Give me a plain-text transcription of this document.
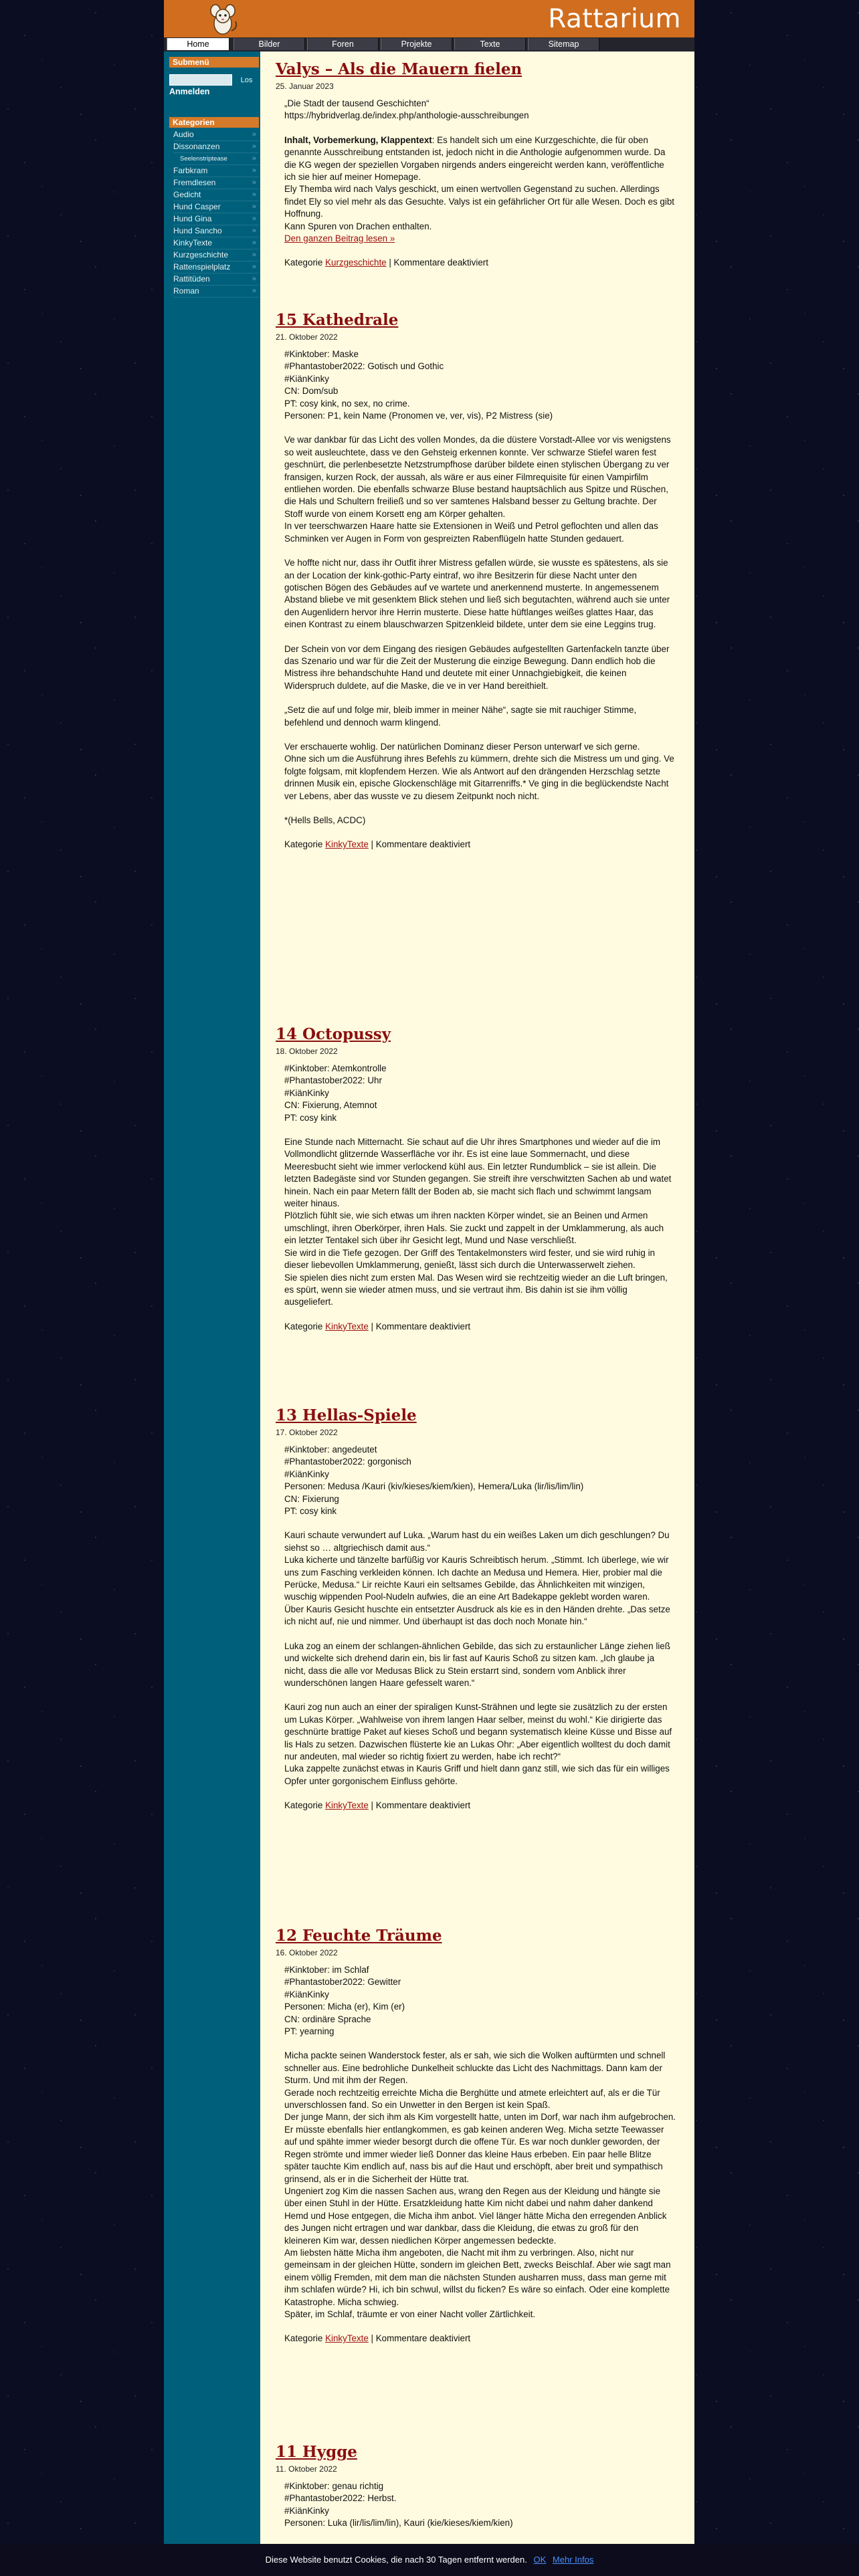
Rattarium
Home	Bilder	Foren	Projekte	Texte	Sitemap
Submenü
Los
Anmelden
Kategorien
Audio	»
Dissonanzen	»
Seelenstriptease	»
Farbkram	»
Fremdlesen	»
Gedicht	»
Hund Casper	»
Hund Gina	»
Hund Sancho	»
KinkyTexte	»
Kurzgeschichte	»
Rattenspielplatz	»
Rattitüden	»
Roman	»
Valys – Als die Mauern fielen
25. Januar 2023

„Die Stadt der tausend Geschichten“
https://hybridverlag.de/index.php/anthologie-ausschreibungen

Inhalt, Vorbemerkung, Klappentext: Es handelt sich um eine Kurzgeschichte, die für oben genannte Ausschreibung entstanden ist, jedoch nicht in die Anthologie aufgenommen wurde. Da die KG wegen der speziellen Vorgaben nirgends anders eingereicht werden kann, veröffentliche ich sie hier auf meiner Homepage.
Ely Themba wird nach Valys geschickt, um einen wertvollen Gegenstand zu suchen. Allerdings findet Ely so viel mehr als das Gesuchte. Valys ist ein gefährlicher Ort für alle Wesen. Doch es gibt Hoffnung.
Kann Spuren von Drachen enthalten.
Den ganzen Beitrag lesen »

Kategorie Kurzgeschichte | Kommentare deaktiviert
15 Kathedrale
21. Oktober 2022

#Kinktober: Maske
#Phantastober2022: Gotisch und Gothic
#KiänKinky
CN: Dom/sub
PT: cosy kink, no sex, no crime.
Personen: P1, kein Name (Pronomen ve, ver, vis), P2 Mistress (sie)

Ve war dankbar für das Licht des vollen Mondes, da die düstere Vorstadt-Allee vor vis wenigstens so weit ausleuchtete, dass ve den Gehsteig erkennen konnte. Ver schwarze Stiefel waren fest geschnürt, die perlenbesetzte Netzstrumpfhose darüber bildete einen stylischen Übergang zu ver fransigen, kurzen Rock, der aussah, als wäre er aus einer Filmrequisite für einen Vampirfilm entliehen worden. Die ebenfalls schwarze Bluse bestand hauptsächlich aus Spitze und Rüschen, die Hals und Schultern freiließ und so ver samtenes Halsband besser zu Geltung brachte. Der Stoff wurde von einem Korsett eng am Körper gehalten.
In ver teerschwarzen Haare hatte sie Extensionen in Weiß und Petrol geflochten und allen das Schminken ver Augen in Form von gespreizten Rabenflügeln hatte Stunden gedauert.

Ve hoffte nicht nur, dass ihr Outfit ihrer Mistress gefallen würde, sie wusste es spätestens, als sie an der Location der kink-gothic-Party eintraf, wo ihre Besitzerin für diese Nacht unter den gotischen Bögen des Gebäudes auf ve wartete und anerkennend musterte. In angemessenem Abstand bliebe ve mit gesenktem Blick stehen und ließ sich begutachten, während auch sie unter den Augenlidern hervor ihre Herrin musterte. Diese hatte hüftlanges weißes glattes Haar, das einen Kontrast zu einem blauschwarzen Spitzenkleid bildete, unter dem sie eine Leggins trug.

Der Schein von vor dem Eingang des riesigen Gebäudes aufgestellten Gartenfackeln tanzte über das Szenario und war für die Zeit der Musterung die einzige Bewegung. Dann endlich hob die Mistress ihre behandschuhte Hand und deutete mit einer Unnachgiebigkeit, die keinen Widerspruch duldete, auf die Maske, die ve in ver Hand bereithielt.

„Setz die auf und folge mir, bleib immer in meiner Nähe“, sagte sie mit rauchiger Stimme, befehlend und dennoch warm klingend.

Ver erschauerte wohlig. Der natürlichen Dominanz dieser Person unterwarf ve sich gerne.
Ohne sich um die Ausführung ihres Befehls zu kümmern, drehte sich die Mistress um und ging. Ve folgte folgsam, mit klopfendem Herzen. Wie als Antwort auf den drängenden Herzschlag setzte drinnen Musik ein, epische Glockenschläge mit Gitarrenriffs.* Ve ging in die beglückendste Nacht ver Lebens, aber das wusste ve zu diesem Zeitpunkt noch nicht.

*(Hells Bells, ACDC)

Kategorie KinkyTexte | Kommentare deaktiviert
14 Octopussy
18. Oktober 2022

#Kinktober: Atemkontrolle
#Phantastober2022: Uhr
#KiänKinky
CN: Fixierung, Atemnot
PT: cosy kink

Eine Stunde nach Mitternacht. Sie schaut auf die Uhr ihres Smartphones und wieder auf die im Vollmondlicht glitzernde Wasserfläche vor ihr. Es ist eine laue Sommernacht, und diese Meeresbucht sieht wie immer verlockend kühl aus. Ein letzter Rundumblick – sie ist allein. Die letzten Badegäste sind vor Stunden gegangen. Sie streift ihre verschwitzten Sachen ab und watet hinein. Nach ein paar Metern fällt der Boden ab, sie macht sich flach und schwimmt langsam weiter hinaus.
Plötzlich fühlt sie, wie sich etwas um ihren nackten Körper windet, sie an Beinen und Armen umschlingt, ihren Oberkörper, ihren Hals. Sie zuckt und zappelt in der Umklammerung, als auch ein letzter Tentakel sich über ihr Gesicht legt, Mund und Nase verschließt.
Sie wird in die Tiefe gezogen. Der Griff des Tentakelmonsters wird fester, und sie wird ruhig in dieser liebevollen Umklammerung, genießt, lässt sich durch die Unterwasserwelt ziehen.
Sie spielen dies nicht zum ersten Mal. Das Wesen wird sie rechtzeitig wieder an die Luft bringen, es spürt, wenn sie wieder atmen muss, und sie vertraut ihm. Bis dahin ist sie ihm völlig ausgeliefert.

Kategorie KinkyTexte | Kommentare deaktiviert
13 Hellas-Spiele
17. Oktober 2022

#Kinktober: angedeutet
#Phantastober2022: gorgonisch
#KiänKinky
Personen: Medusa /Kauri (kiv/kieses/kiem/kien), Hemera/Luka (lir/lis/lim/lin)
CN: Fixierung
PT: cosy kink

Kauri schaute verwundert auf Luka. „Warum hast du ein weißes Laken um dich geschlungen? Du siehst so … altgriechisch damit aus.“
Luka kicherte und tänzelte barfüßig vor Kauris Schreibtisch herum. „Stimmt. Ich überlege, wie wir uns zum Fasching verkleiden können. Ich dachte an Medusa und Hemera. Hier, probier mal die Perücke, Medusa.“ Lir reichte Kauri ein seltsames Gebilde, das Ähnlichkeiten mit winzigen, wuschig wippenden Pool-Nudeln aufwies, die an eine Art Badekappe geklebt worden waren.
Über Kauris Gesicht huschte ein entsetzter Ausdruck als kie es in den Händen drehte. „Das setze ich nicht auf, nie und nimmer. Und überhaupt ist das doch noch Monate hin.“

Luka zog an einem der schlangen-ähnlichen Gebilde, das sich zu erstaunlicher Länge ziehen ließ und wickelte sich drehend darin ein, bis lir fast auf Kauris Schoß zu sitzen kam. „Ich glaube ja nicht, dass die alle vor Medusas Blick zu Stein erstarrt sind, sondern vom Anblick ihrer wunderschönen langen Haare gefesselt waren.“

Kauri zog nun auch an einer der spiraligen Kunst-Strähnen und legte sie zusätzlich zu der ersten um Lukas Körper. „Wahlweise von ihrem langen Haar selber, meinst du wohl.“ Kie dirigierte das geschnürte brattige Paket auf kieses Schoß und begann systematisch kleine Küsse und Bisse auf lis Hals zu setzen. Dazwischen flüsterte kie an Lukas Ohr: „Aber eigentlich wolltest du doch damit nur andeuten, mal wieder so richtig fixiert zu werden, habe ich recht?“
Luka zappelte zunächst etwas in Kauris Griff und hielt dann ganz still, wie sich das für ein williges Opfer unter gorgonischem Einfluss gehörte.

Kategorie KinkyTexte | Kommentare deaktiviert
12 Feuchte Träume
16. Oktober 2022

#Kinktober: im Schlaf
#Phantastober2022: Gewitter
#KiänKinky
Personen: Micha (er), Kim (er)
CN: ordinäre Sprache
PT: yearning

Micha packte seinen Wanderstock fester, als er sah, wie sich die Wolken auftürmten und schnell schneller aus. Eine bedrohliche Dunkelheit schluckte das Licht des Nachmittags. Dann kam der Sturm. Und mit ihm der Regen.
Gerade noch rechtzeitig erreichte Micha die Berghütte und atmete erleichtert auf, als er die Tür unverschlossen fand. So ein Unwetter in den Bergen ist kein Spaß.
Der junge Mann, der sich ihm als Kim vorgestellt hatte, unten im Dorf, war nach ihm aufgebrochen. Er müsste ebenfalls hier entlangkommen, es gab keinen anderen Weg. Micha setzte Teewasser auf und spähte immer wieder besorgt durch die offene Tür. Es war noch dunkler geworden, der Regen strömte und immer wieder ließ Donner das kleine Haus erbeben. Ein paar helle Blitze später tauchte Kim endlich auf, nass bis auf die Haut und erschöpft, aber breit und sympathisch grinsend, als er in die Sicherheit der Hütte trat.
Ungeniert zog Kim die nassen Sachen aus, wrang den Regen aus der Kleidung und hängte sie über einen Stuhl in der Hütte. Ersatzkleidung hatte Kim nicht dabei und nahm daher dankend Hemd und Hose entgegen, die Micha ihm anbot. Viel länger hätte Micha den erregenden Anblick des Jungen nicht ertragen und war dankbar, dass die Kleidung, die etwas zu groß für den kleineren Kim war, dessen niedlichen Körper angemessen bedeckte.
Am liebsten hätte Micha ihm angeboten, die Nacht mit ihm zu verbringen. Also, nicht nur gemeinsam in der gleichen Hütte, sondern im gleichen Bett, zwecks Beischlaf. Aber wie sagt man einem völlig Fremden, mit dem man die nächsten Stunden ausharren muss, dass man gerne mit ihm schlafen würde? Hi, ich bin schwul, willst du ficken? Es wäre so einfach. Oder eine komplette Katastrophe. Micha schwieg.
Später, im Schlaf, träumte er von einer Nacht voller Zärtlichkeit.

Kategorie KinkyTexte | Kommentare deaktiviert
11 Hygge
11. Oktober 2022

#Kinktober: genau richtig
#Phantastober2022: Herbst.
#KiänKinky
Personen: Luka (lir/lis/lim/lin), Kauri (kie/kieses/kiem/kien)

Diese Website benutzt Cookies, die nach 30 Tagen entfernt werden. OK Mehr Infos
